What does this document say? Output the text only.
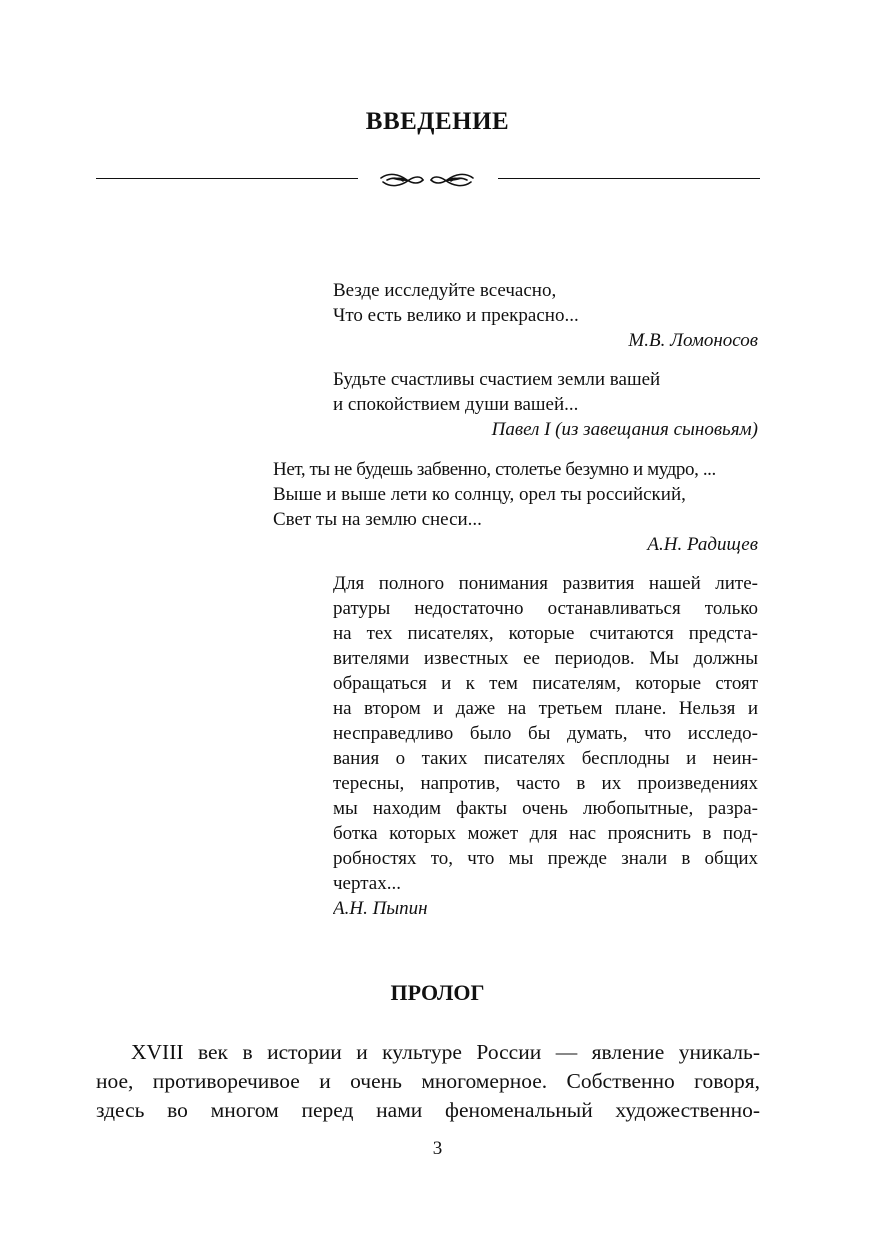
ВВЕДЕНИЕ
Везде исследуйте всечасно,
Что есть велико и прекрасно...
М.В. Ломоносов
Будьте счастливы счастием земли вашей
и спокойствием души вашей...
Павел I (из завещания сыновьям)
Нет, ты не будешь забвенно, столетье безумно и мудро, ...
Выше и выше лети ко солнцу, орел ты российский,
Свет ты на землю снеси...
А.Н. Радищев
Для полного понимания развития нашей лите-
ратуры недостаточно останавливаться только
на тех писателях, которые считаются предста-
вителями известных ее периодов. Мы должны
обращаться и к тем писателям, которые стоят
на втором и даже на третьем плане. Нельзя и
несправедливо было бы думать, что исследо-
вания о таких писателях бесплодны и неин-
тересны, напротив, часто в их произведениях
мы находим факты очень любопытные, разра-
ботка которых может для нас прояснить в под-
робностях то, что мы прежде знали в общих
чертах...
А.Н. Пыпин
ПРОЛОГ
XVIII век в истории и культуре России — явление уникаль-
ное, противоречивое и очень многомерное. Собственно говоря,
здесь во многом перед нами феноменальный художественно-
3
